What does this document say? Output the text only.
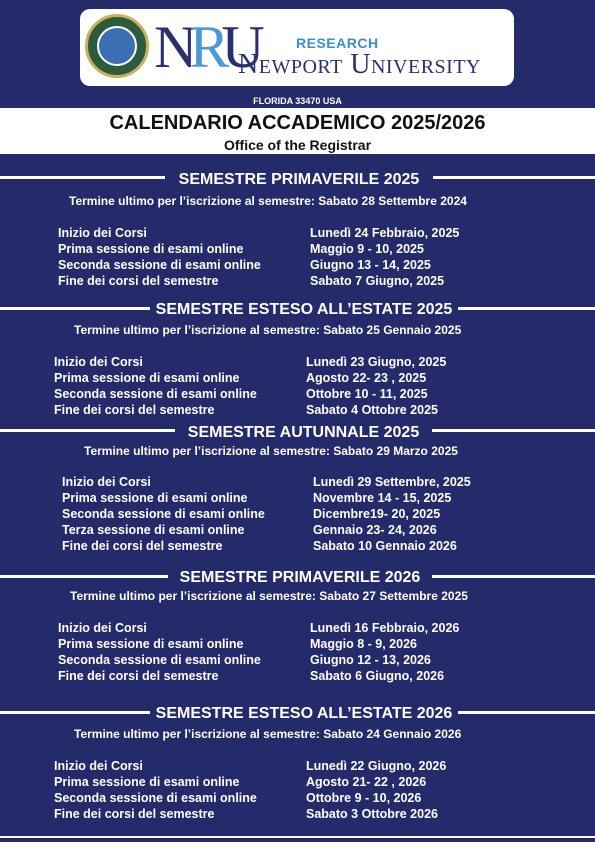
NRU	RESEARCH
Newport University
FLORIDA 33470 USA
CALENDARIO ACCADEMICO 2025/2026
Office of the Registrar
SEMESTRE PRIMAVERILE 2025
Termine ultimo per l’iscrizione al semestre: Sabato 28 Settembre 2024
Inizio dei Corsi	Lunedì 24 Febbraio, 2025
Prima sessione di esami online	Maggio 9 - 10, 2025
Seconda sessione di esami online	Giugno 13 - 14, 2025
Fine dei corsi del semestre	Sabato 7 Giugno, 2025
SEMESTRE ESTESO ALL’ESTATE 2025
Termine ultimo per l’iscrizione al semestre: Sabato 25 Gennaio 2025
Inizio dei Corsi	Lunedì 23 Giugno, 2025
Prima sessione di esami online	Agosto 22- 23 , 2025
Seconda sessione di esami online	Ottobre 10 - 11, 2025
Fine dei corsi del semestre	Sabato 4 Ottobre 2025
SEMESTRE AUTUNNALE 2025
Termine ultimo per l’iscrizione al semestre: Sabato 29 Marzo 2025
Inizio dei Corsi	Lunedì 29 Settembre, 2025
Prima sessione di esami online	Novembre 14 - 15, 2025
Seconda sessione di esami online	Dicembre19- 20, 2025
Terza sessione di esami online	Gennaio 23- 24, 2026
Fine dei corsi del semestre	Sabato 10 Gennaio 2026
SEMESTRE PRIMAVERILE 2026
Termine ultimo per l’iscrizione al semestre: Sabato 27 Settembre 2025
Inizio dei Corsi	Lunedì 16 Febbraio, 2026
Prima sessione di esami online	Maggio 8 - 9, 2026
Seconda sessione di esami online	Giugno 12 - 13, 2026
Fine dei corsi del semestre	Sabato 6 Giugno, 2026
SEMESTRE ESTESO ALL’ESTATE 2026
Termine ultimo per l’iscrizione al semestre: Sabato 24 Gennaio 2026
Inizio dei Corsi	Lunedì 22 Giugno, 2026
Prima sessione di esami online	Agosto 21- 22 , 2026
Seconda sessione di esami online	Ottobre 9 - 10, 2026
Fine dei corsi del semestre	Sabato 3 Ottobre 2026
